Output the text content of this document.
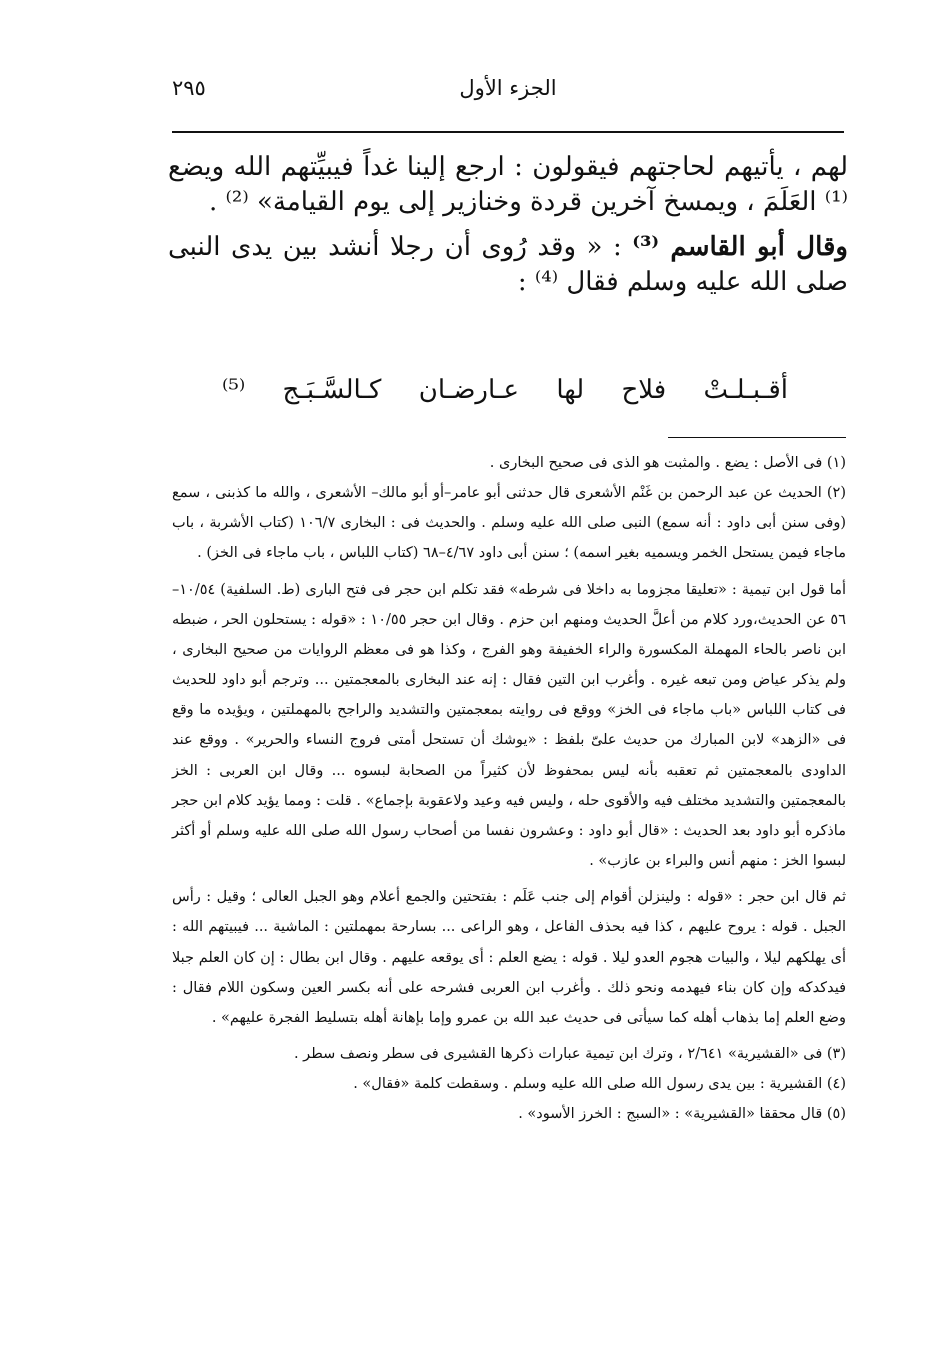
٢٩٥	الجزء الأول

لهم ، يأتيهم لحاجتهم فيقولون : ارجع إلينا غداً فيبيِّتهم الله ويضع ⁽¹⁾ العَلَمَ ، ويمسخ آخرين قردة وخنازير إلى يوم القيامة» ⁽²⁾ .

وقال أبو القاسم ⁽³⁾ : « وقد رُوى أن رجلا أنشد بين يدى النبى صلى الله عليه وسلم فقال ⁽⁴⁾ :

أقـبـلـتْ فلاح لها عـارضـان كـالسَّـبَـج ⁽⁵⁾

(١) فى الأصل : يضع . والمثبت هو الذى فى صحيح البخارى .

(٢) الحديث عن عبد الرحمن بن غَنْم الأشعرى قال حدثنى أبو عامر–أو أبو مالك– الأشعرى ، والله ما كذبنى ، سمع (وفى سنن أبى داود : أنه سمع) النبى صلى الله عليه وسلم . والحديث فى : البخارى ١٠٦/٧ (كتاب الأشربة ، باب ماجاء فيمن يستحل الخمر ويسميه بغير اسمه) ؛ سنن أبى داود ٤/٦٧–٦٨ (كتاب اللباس ، باب ماجاء فى الخز) .

أما قول ابن تيمية : «تعليقا مجزوما به داخلا فى شرطه» فقد تكلم ابن حجر فى فتح البارى (ط. السلفية) ١٠/٥٤–٥٦ عن الحديث،ورد كلام من أعلَّ الحديث ومنهم ابن حزم . وقال ابن حجر ١٠/٥٥ : «قوله : يستحلون الحر ، ضبطه ابن ناصر بالحاء المهملة المكسورة والراء الخفيفة وهو الفرج ، وكذا هو فى معظم الروايات من صحيح البخارى ، ولم يذكر عياض ومن تبعه غيره . وأغرب ابن التين فقال : إنه عند البخارى بالمعجمتين ... وترجم أبو داود للحديث فى كتاب اللباس «باب ماجاء فى الخز» ووقع فى روايته بمعجمتين والتشديد والراجح بالمهملتين ، ويؤيده ما وقع فى «الزهد» لابن المبارك من حديث علىّ بلفظ : «يوشك أن تستحل أمتى فروج النساء والحرير» . ووقع عند الداودى بالمعجمتين ثم تعقبه بأنه ليس بمحفوظ لأن كثيراً من الصحابة لبسوه ... وقال ابن العربى : الخز بالمعجمتين والتشديد مختلف فيه والأقوى حله ، وليس فيه وعيد ولاعقوبة بإجماع» . قلت : ومما يؤيد كلام ابن حجر ماذكره أبو داود بعد الحديث : «قال أبو داود : وعشرون نفسا من أصحاب رسول الله صلى الله عليه وسلم أو أكثر لبسوا الخز : منهم أنس والبراء بن عازب» .

ثم قال ابن حجر : «قوله : ولينزلن أقوام إلى جنب عَلَم : بفتحتين والجمع أعلام وهو الجبل العالى ؛ وقيل : رأس الجبل . قوله : يروح عليهم ، كذا فيه بحذف الفاعل ، وهو الراعى ... بسارحة بمهملتين : الماشية ... فيبيتهم الله : أى يهلكهم ليلا ، والبيات هجوم العدو ليلا . قوله : يضع العلم : أى يوقعه عليهم . وقال ابن بطال : إن كان العلم جبلا فيدكدكه وإن كان بناء فيهدمه ونحو ذلك . وأغرب ابن العربى فشرحه على أنه بكسر العين وسكون اللام فقال : وضع العلم إما بذهاب أهله كما سيأتى فى حديث عبد الله بن عمرو وإما بإهانة أهله بتسليط الفجرة عليهم» .

(٣) فى «القشيرية» ٢/٦٤١ ، وترك ابن تيمية عبارات ذكرها القشيرى فى سطر ونصف سطر .

(٤) القشيرية : بين يدى رسول الله صلى الله عليه وسلم . وسقطت كلمة «فقال» .

(٥) قال محققا «القشيرية» : «السبج : الخرز الأسود» .
